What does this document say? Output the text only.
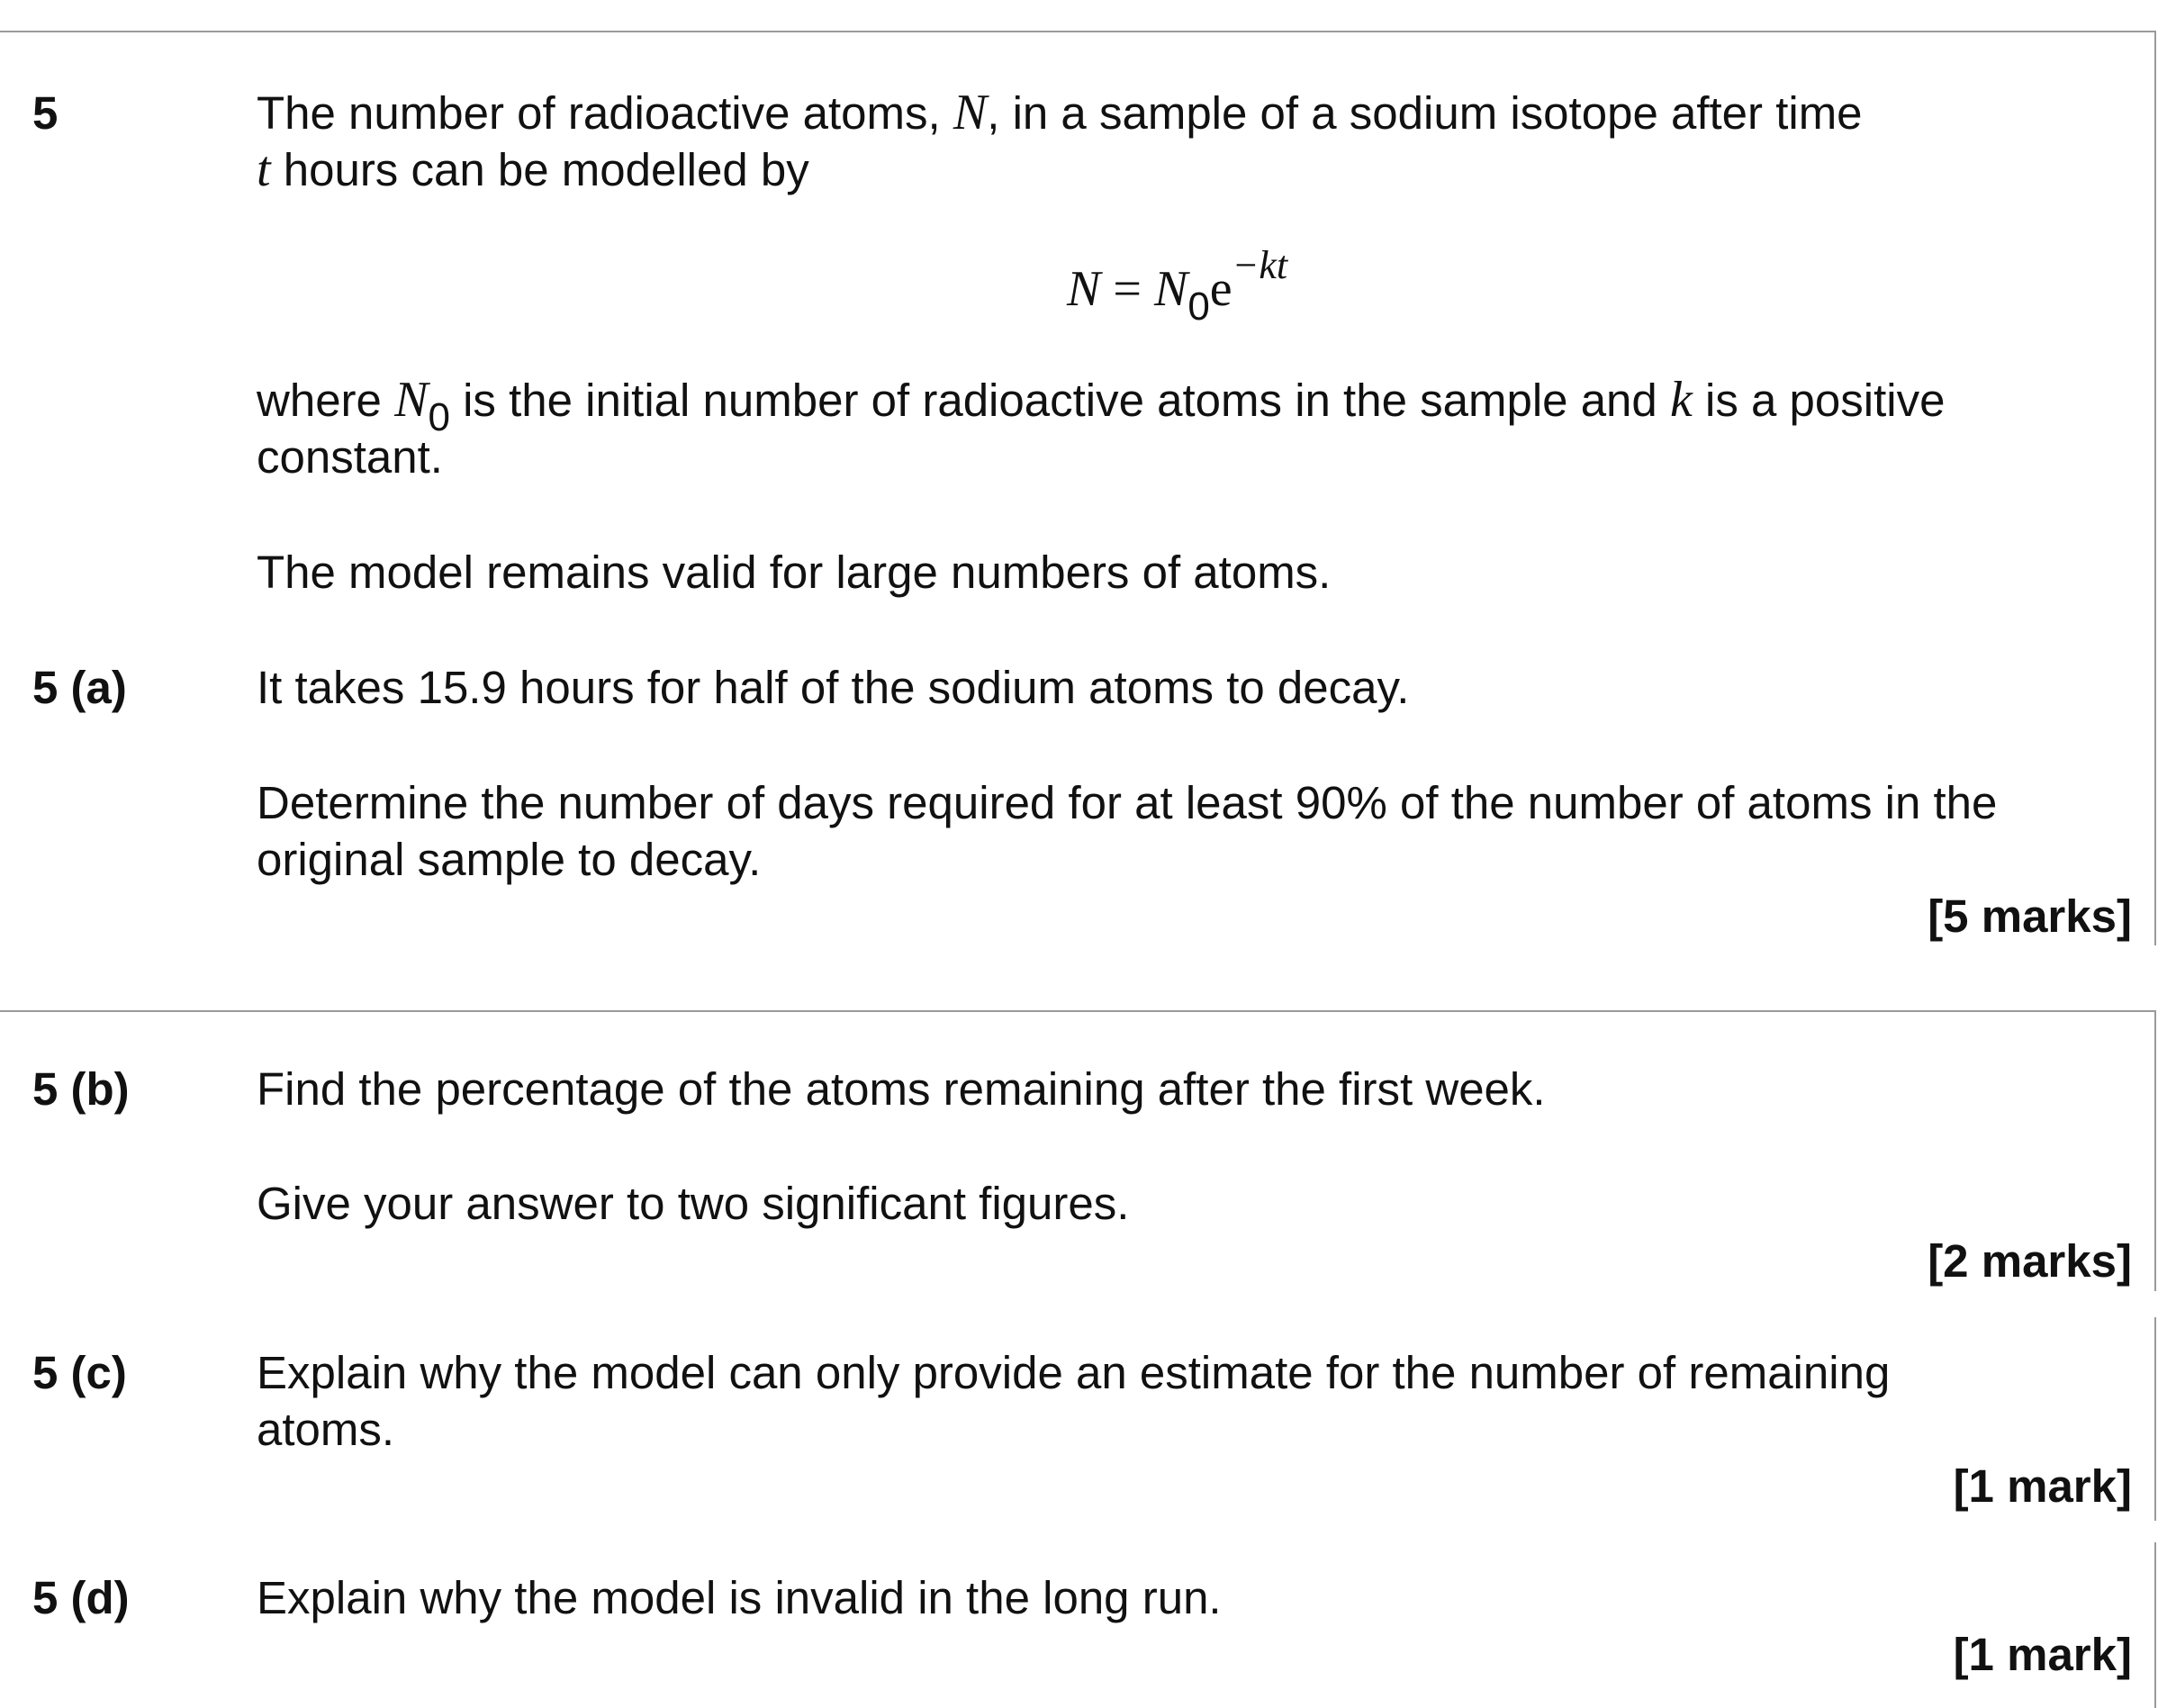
5	The number of radioactive atoms, N, in a sample of a sodium isotope after time
t hours can be modelled by
N = N0e−kt
where N0 is the initial number of radioactive atoms in the sample and k is a positive
constant.
The model remains valid for large numbers of atoms.
5 (a)	It takes 15.9 hours for half of the sodium atoms to decay.
Determine the number of days required for at least 90% of the number of atoms in the
original sample to decay.
[5 marks]
5 (b)	Find the percentage of the atoms remaining after the first week.
Give your answer to two significant figures.
[2 marks]
5 (c)	Explain why the model can only provide an estimate for the number of remaining
atoms.
[1 mark]
5 (d)	Explain why the model is invalid in the long run.
[1 mark]
